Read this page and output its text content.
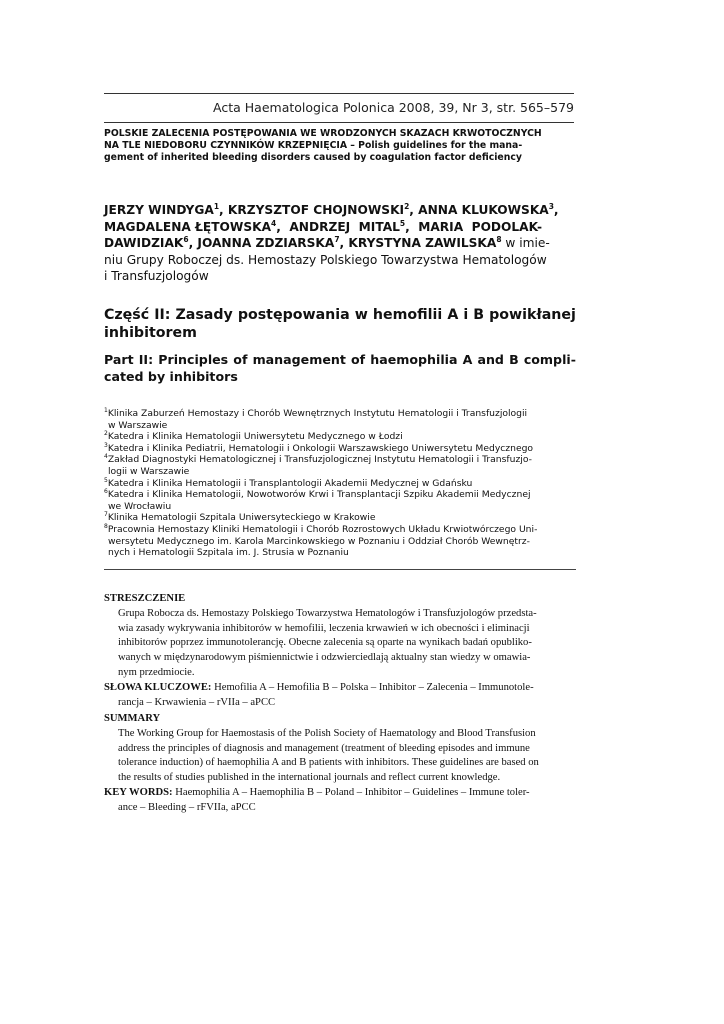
Acta Haematologica Polonica 2008, 39, Nr 3, str. 565–579
POLSKIE ZALECENIA POSTĘPOWANIA WE WRODZONYCH SKAZACH KRWOTOCZNYCH
NA TLE NIEDOBORU CZYNNIKÓW KRZEPNIĘCIA – Polish guidelines for the mana-
gement of inherited bleeding disorders caused by coagulation factor deficiency
JERZY WINDYGA$^1$, KRZYSZTOF CHOJNOWSKI$^2$, ANNA KLUKOWSKA$^3$,
MAGDALENA ŁĘTOWSKA$^4$,  ANDRZEJ  MITAL$^5$,  MARIA  PODOLAK-
DAWIDZIAK$^6$, JOANNA ZDZIARSKA$^7$, KRYSTYNA ZAWILSKA$^8$ w imie-
niu Grupy Roboczej ds. Hemostazy Polskiego Towarzystwa Hematologów
i Transfuzjologów
Część II: Zasady postępowania w hemofilii A i B powikłanej
inhibitorem
Part II: Principles of management of haemophilia A and B compli-
cated by inhibitors
$^1$Klinika Zaburzeń Hemostazy i Chorób Wewnętrznych Instytutu Hematologii i Transfuzjologii
w Warszawie
$^2$Katedra i Klinika Hematologii Uniwersytetu Medycznego w Łodzi
$^3$Katedra i Klinika Pediatrii, Hematologii i Onkologii Warszawskiego Uniwersytetu Medycznego
$^4$Zakład Diagnostyki Hematologicznej i Transfuzjologicznej Instytutu Hematologii i Transfuzjo-
logii w Warszawie
$^5$Katedra i Klinika Hematologii i Transplantologii Akademii Medycznej w Gdańsku
$^6$Katedra i Klinika Hematologii, Nowotworów Krwi i Transplantacji Szpiku Akademii Medycznej
we Wrocławiu
$^7$Klinika Hematologii Szpitala Uniwersyteckiego w Krakowie
$^8$Pracownia Hemostazy Kliniki Hematologii i Chorób Rozrostowych Układu Krwiotwórczego Uni-
wersytetu Medycznego im. Karola Marcinkowskiego w Poznaniu i Oddział Chorób Wewnętrz-
nych i Hematologii Szpitala im. J. Strusia w Poznaniu
STRESZCZENIE
Grupa Robocza ds. Hemostazy Polskiego Towarzystwa Hematologów i Transfuzjologów przedsta-
wia zasady wykrywania inhibitorów w hemofilii, leczenia krwawień w ich obecności i eliminacji
inhibitorów poprzez immunotolerancję. Obecne zalecenia są oparte na wynikach badań opubliko-
wanych w międzynarodowym piśmiennictwie i odzwierciedlają aktualny stan wiedzy w omawia-
nym przedmiocie.
SŁOWA KLUCZOWE: Hemofilia A – Hemofilia B – Polska – Inhibitor – Zalecenia – Immunotole-
rancja – Krwawienia – rVIIa – aPCC
SUMMARY
The Working Group for Haemostasis of the Polish Society of Haematology and Blood Transfusion
address the principles of diagnosis and management (treatment of bleeding episodes and immune
tolerance induction) of haemophilia A and B patients with inhibitors. These guidelines are based on
the results of studies published in the international journals and reflect current knowledge.
KEY WORDS: Haemophilia A – Haemophilia B – Poland – Inhibitor – Guidelines – Immune toler-
ance – Bleeding – rFVIIa, aPCC
